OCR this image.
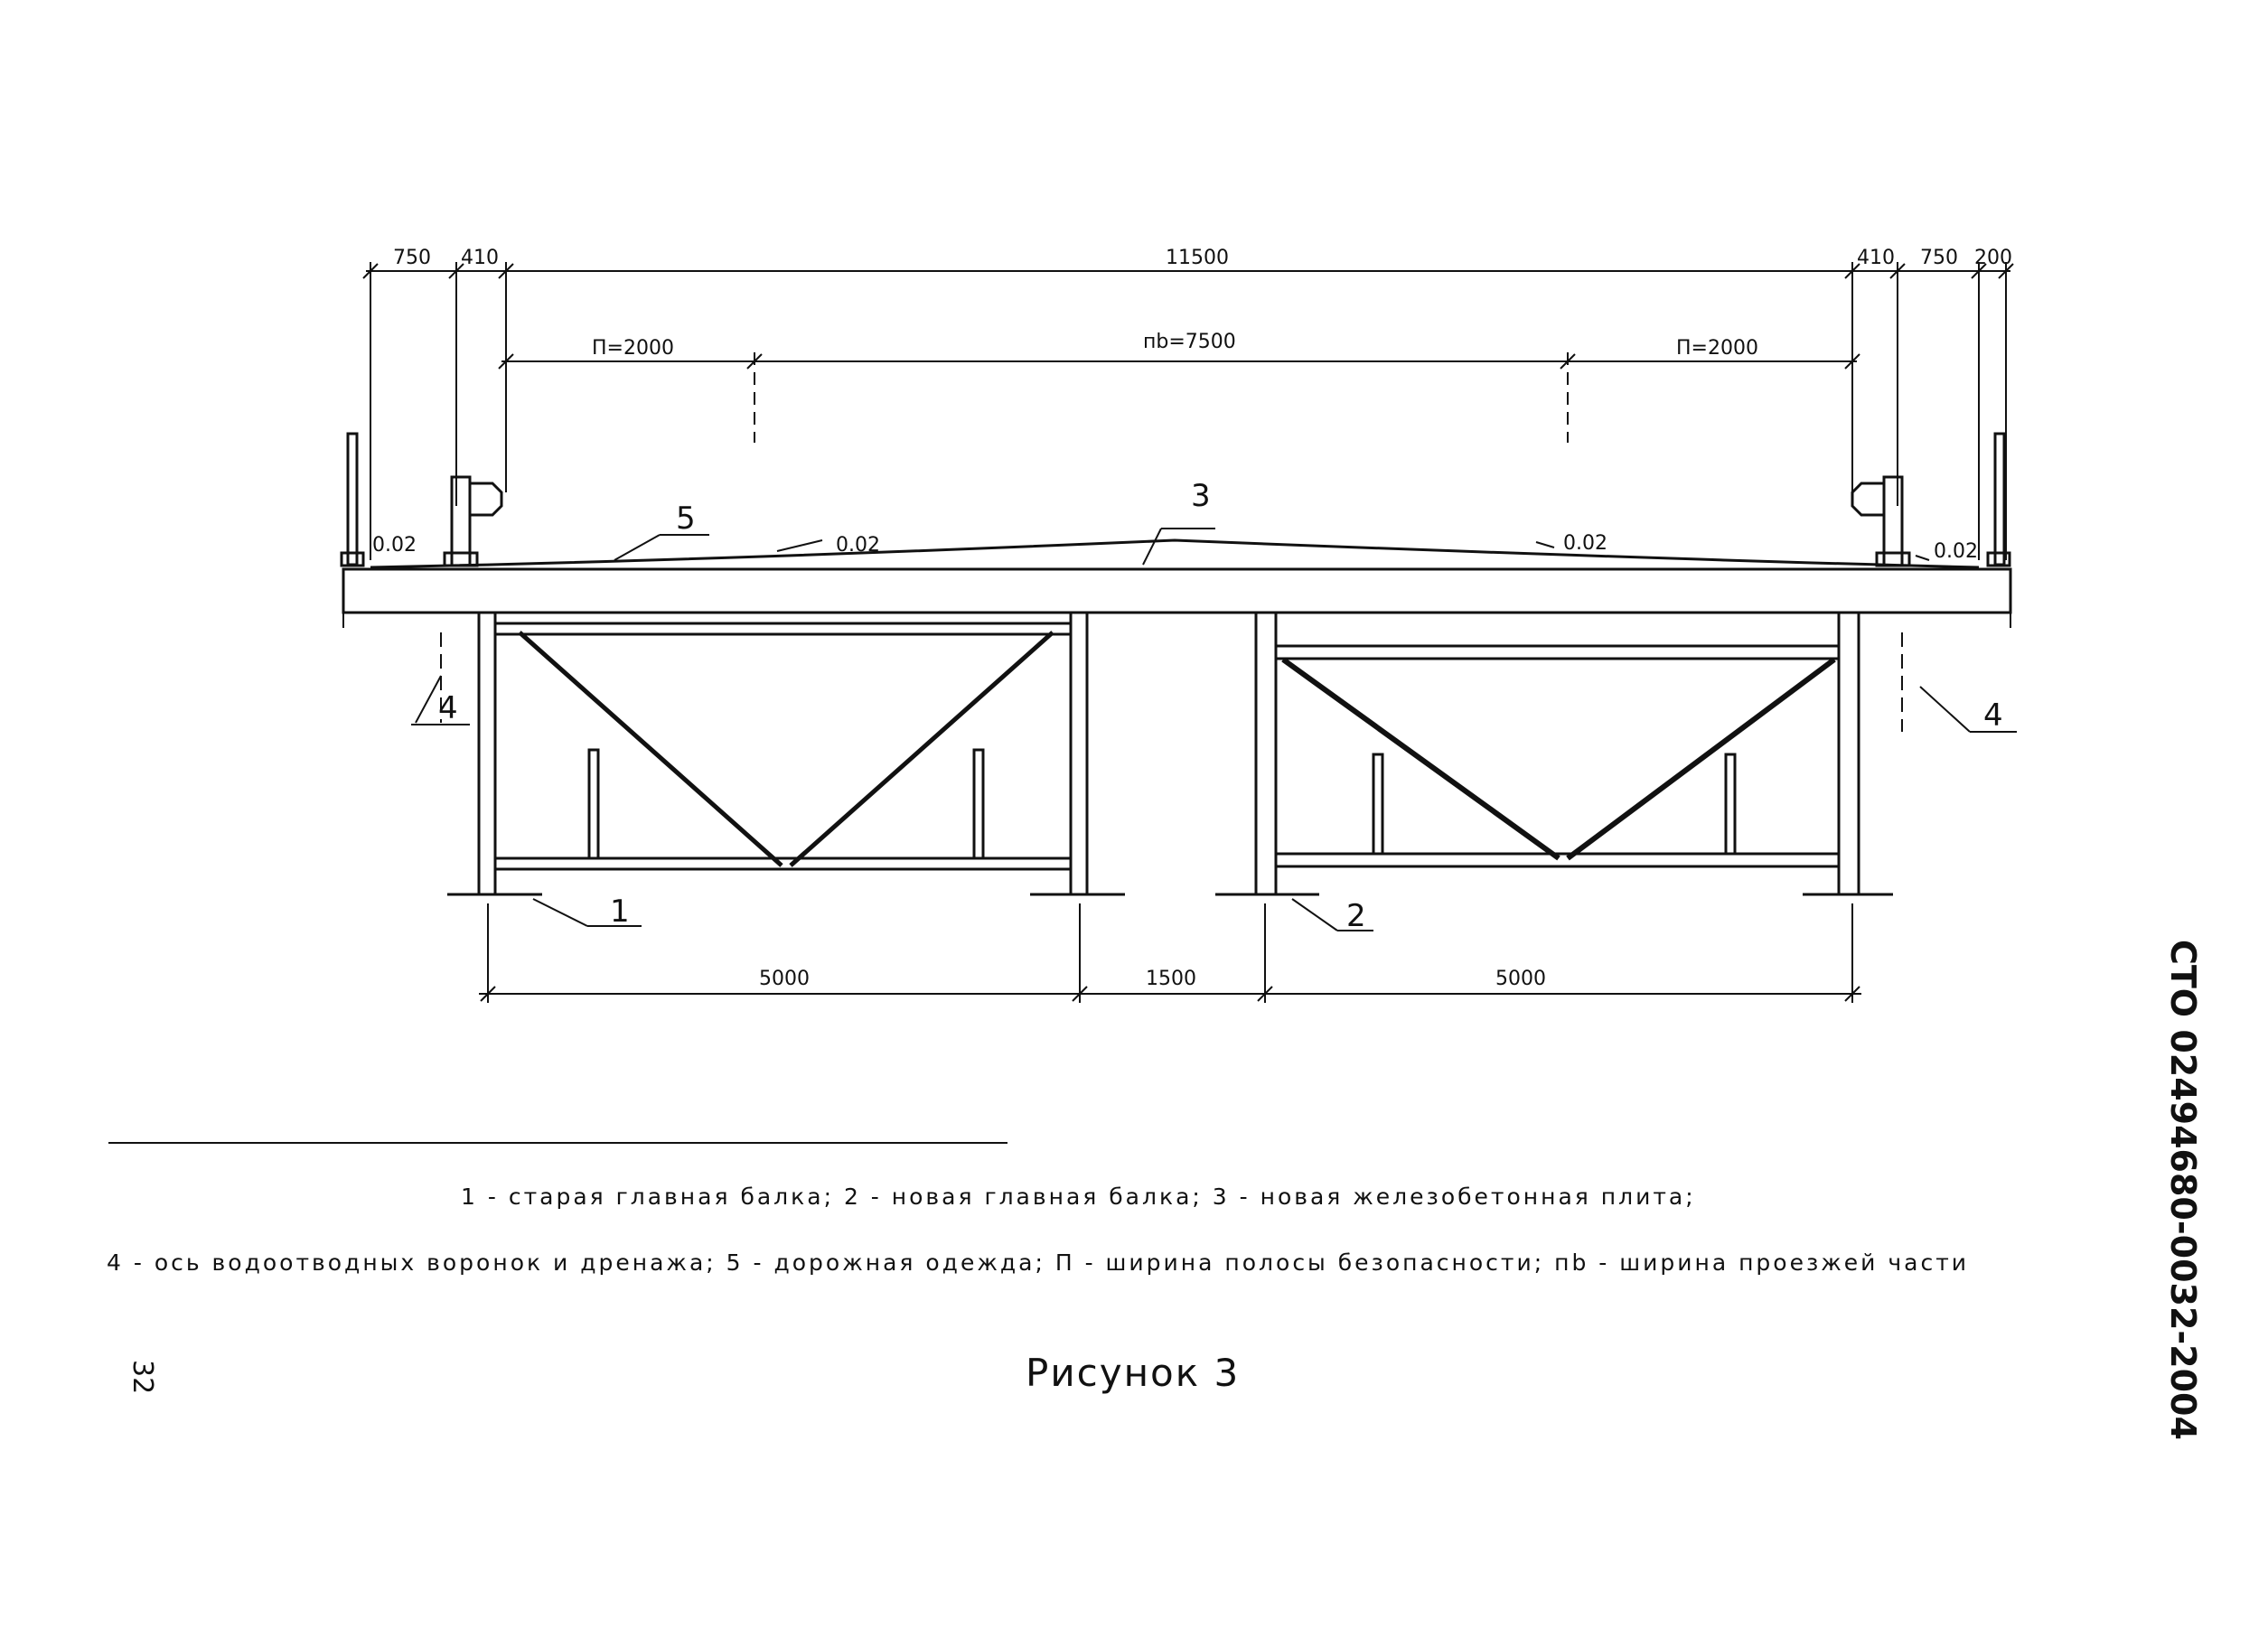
750 410	11500	410 750 200
П=2000	пb=7500	П=2000
0.02	0.02	0.02	0.02
5000	1500	5000
1	2
3
4	4
5
1 - старая главная балка; 2 - новая главная балка; 3 - новая железобетонная плита;
4 - ось водоотводных воронок и дренажа; 5 - дорожная одежда; П - ширина полосы безопасности; пb - ширина проезжей части
Рисунок 3
32	СТО 02494680-0032-2004
